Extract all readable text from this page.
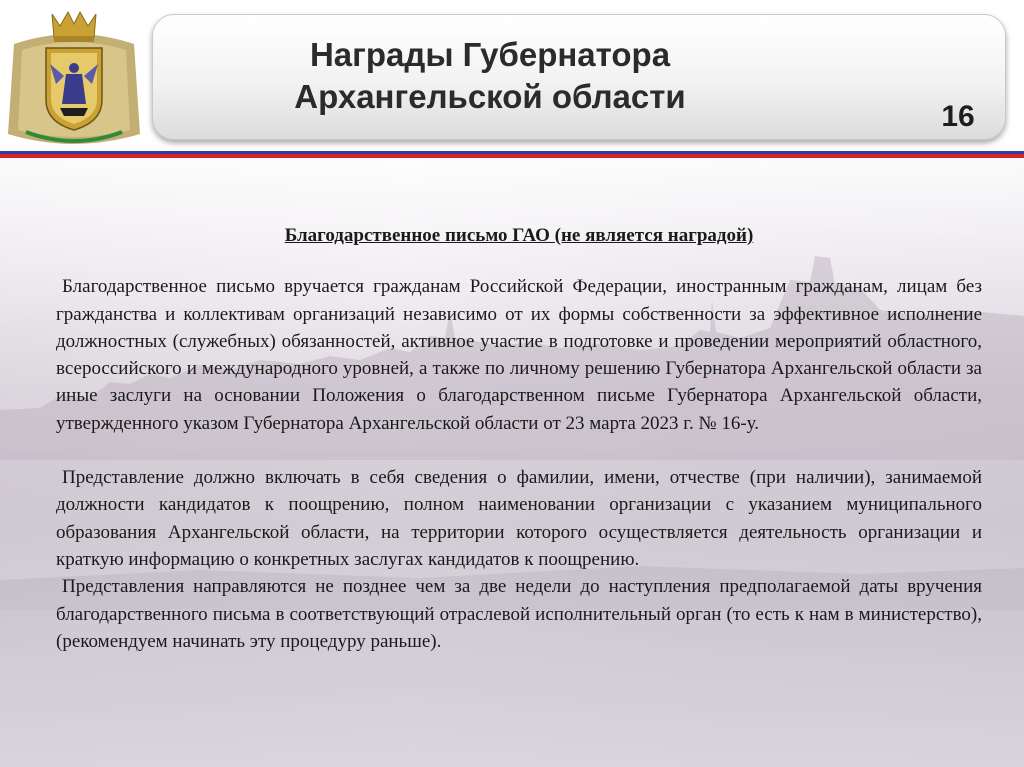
Награды Губернатора
Архангельской области
16

Благодарственное письмо ГАО (не является наградой)

Благодарственное письмо вручается гражданам Российской Федерации, иностранным гражданам, лицам без гражданства и коллективам организаций независимо от их формы собственности за эффективное исполнение должностных (служебных) обязанностей, активное участие в подготовке и проведении мероприятий областного, всероссийского и международного уровней, а также по личному решению Губернатора Архангельской области за иные заслуги на основании Положения о благодарственном письме Губернатора Архангельской области, утвержденного указом Губернатора Архангельской области от 23 марта 2023 г. № 16-у.

Представление должно включать в себя сведения о фамилии, имени, отчестве (при наличии), занимаемой должности кандидатов к поощрению, полном наименовании организации с указанием муниципального образования Архангельской области, на территории которого осуществляется деятельность организации и краткую информацию о конкретных заслугах кандидатов к поощрению.

Представления направляются не позднее чем за две недели до наступления предполагаемой даты вручения благодарственного письма в соответствующий отраслевой исполнительный орган (то есть к нам в министерство), (рекомендуем начинать эту процедуру раньше).
